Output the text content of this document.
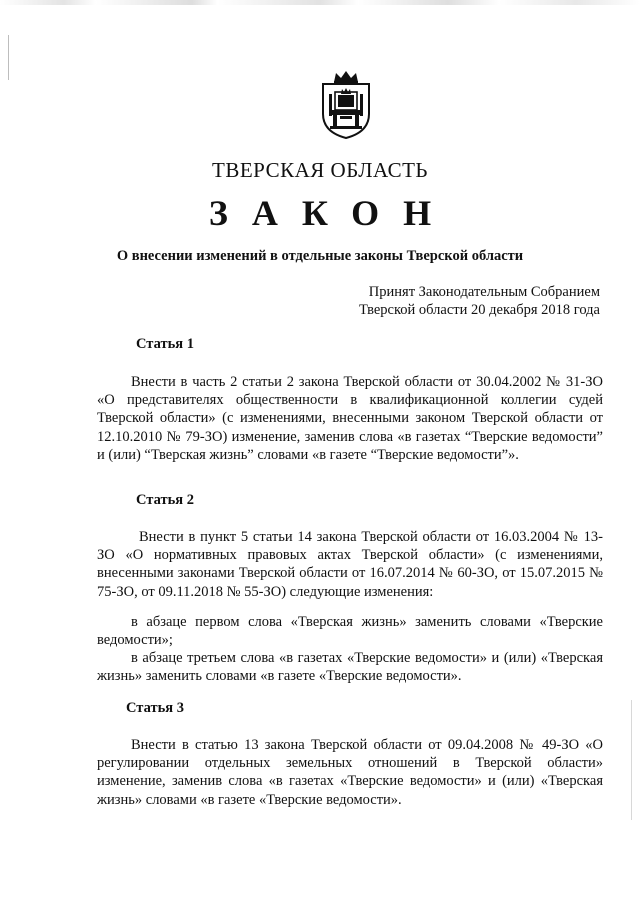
ТВЕРСКАЯ ОБЛАСТЬ
ЗАКОН
О внесении изменений в отдельные законы Тверской области
Принят Законодательным Собранием
Тверской области 20 декабря 2018 года
Статья 1

Внести в часть 2 статьи 2 закона Тверской области от 30.04.2002 № 31-ЗО «О представителях общественности в квалификационной коллегии судей Тверской области» (с изменениями, внесенными законом Тверской области от 12.10.2010 № 79-ЗО) изменение, заменив слова «в газетах “Тверские ведомости” и (или) “Тверская жизнь” словами «в газете “Тверские ведомости”».

Статья 2

Внести в пункт 5 статьи 14 закона Тверской области от 16.03.2004 № 13-ЗО «О нормативных правовых актах Тверской области» (с изменениями, внесенными законами Тверской области от 16.07.2014 № 60-ЗО, от 15.07.2015 № 75-ЗО, от 09.11.2018 № 55-ЗО) следующие изменения:

в абзаце первом слова «Тверская жизнь» заменить словами «Тверские ведомости»;

в абзаце третьем слова «в газетах «Тверские ведомости» и (или) «Тверская жизнь» заменить словами «в газете «Тверские ведомости».

Статья 3

Внести в статью 13 закона Тверской области от 09.04.2008 № 49-ЗО «О регулировании отдельных земельных отношений в Тверской области» изменение, заменив слова «в газетах «Тверские ведомости» и (или) «Тверская жизнь» словами «в газете «Тверские ведомости».
